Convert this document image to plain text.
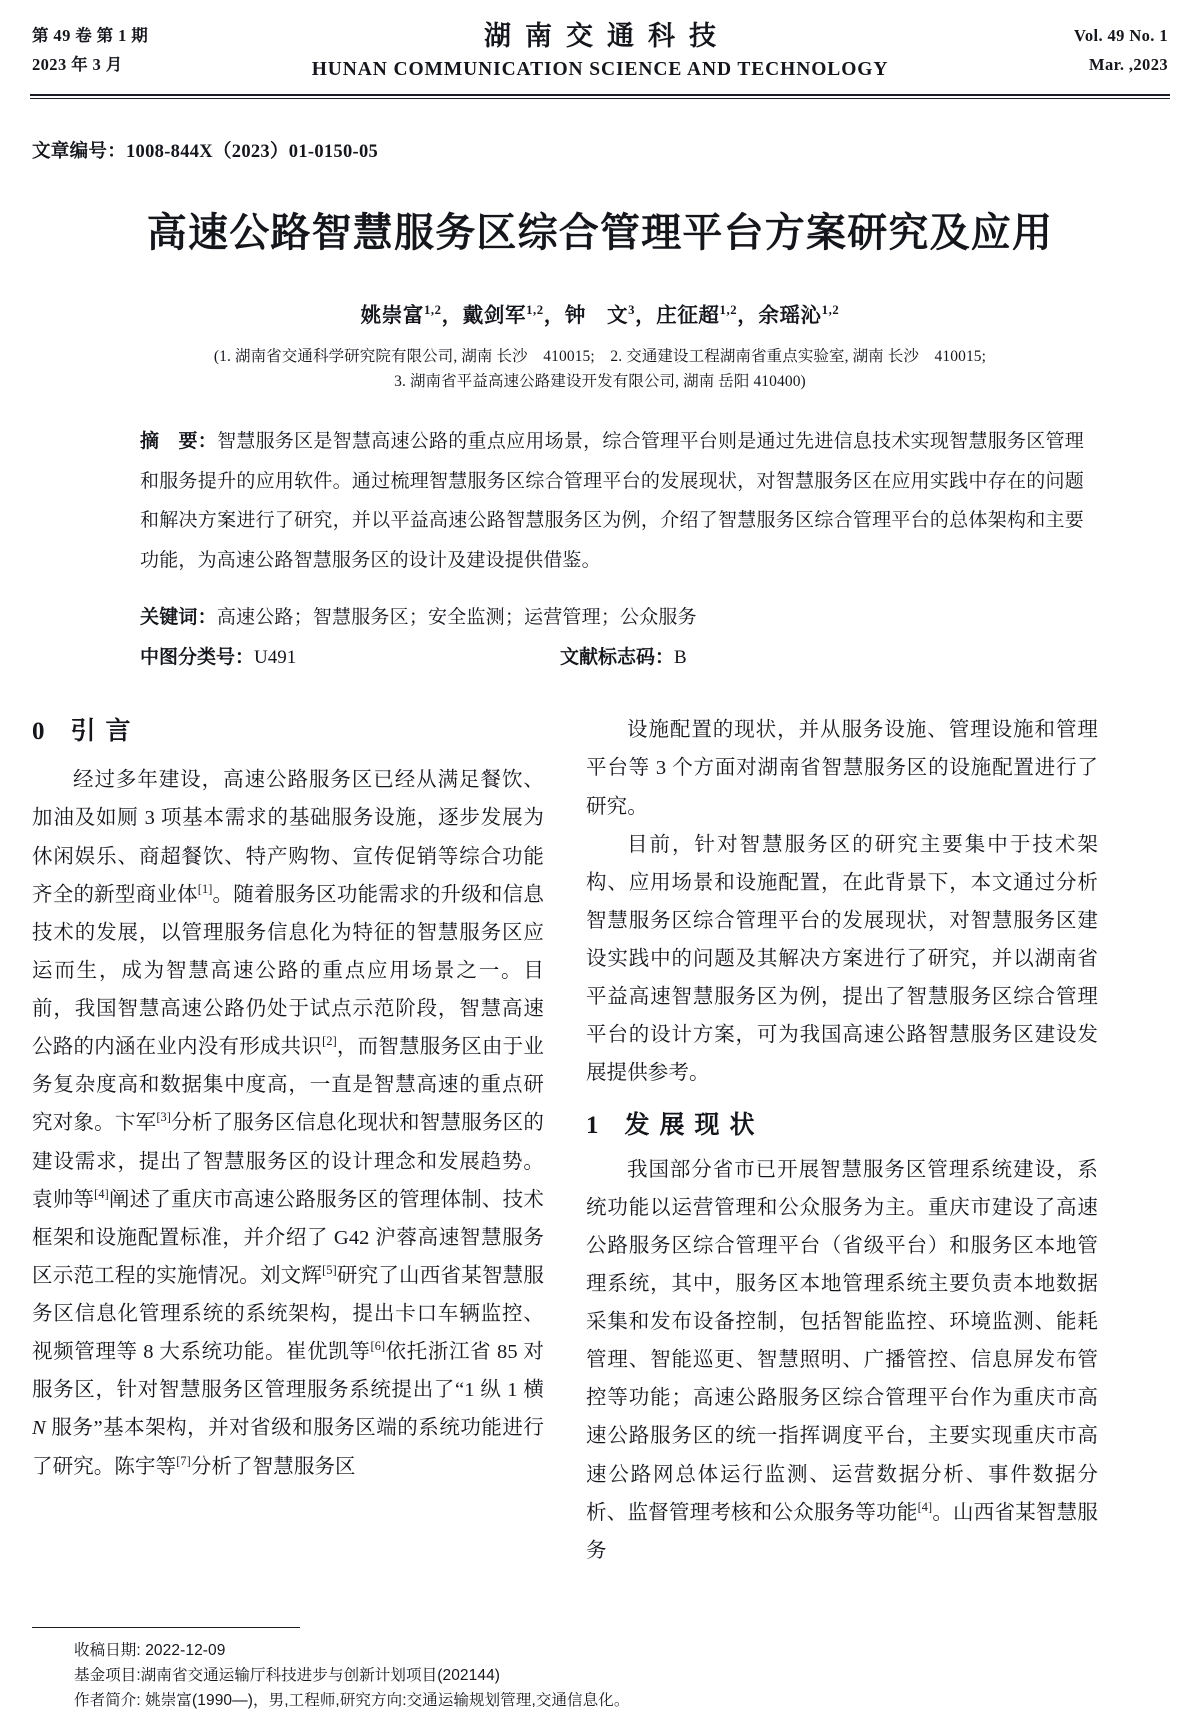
第 49 卷 第 1 期
2023 年 3 月
湖南交通科技
HUNAN COMMUNICATION SCIENCE AND TECHNOLOGY
Vol. 49 No. 1
Mar. ,2023
文章编号：1008-844X（2023）01-0150-05
高速公路智慧服务区综合管理平台方案研究及应用
姚崇富$^{1,2}$，戴剑军$^{1,2}$，钟　文$^3$，庄征超$^{1,2}$，余瑶沁$^{1,2}$
(1. 湖南省交通科学研究院有限公司, 湖南 长沙　410015;　2. 交通建设工程湖南省重点实验室, 湖南 长沙　410015;
3. 湖南省平益高速公路建设开发有限公司, 湖南 岳阳 410400)

摘　要：智慧服务区是智慧高速公路的重点应用场景，综合管理平台则是通过先进信息技术实现智慧服务区管理和服务提升的应用软件。通过梳理智慧服务区综合管理平台的发展现状，对智慧服务区在应用实践中存在的问题和解决方案进行了研究，并以平益高速公路智慧服务区为例，介绍了智慧服务区综合管理平台的总体架构和主要功能，为高速公路智慧服务区的设计及建设提供借鉴。

关键词：高速公路；智慧服务区；安全监测；运营管理；公众服务
中图分类号：U491	文献标志码：B
0 引言

经过多年建设，高速公路服务区已经从满足餐饮、加油及如厕 3 项基本需求的基础服务设施，逐步发展为休闲娱乐、商超餐饮、特产购物、宣传促销等综合功能齐全的新型商业体[1]。随着服务区功能需求的升级和信息技术的发展，以管理服务信息化为特征的智慧服务区应运而生，成为智慧高速公路的重点应用场景之一。目前，我国智慧高速公路仍处于试点示范阶段，智慧高速公路的内涵在业内没有形成共识[2]，而智慧服务区由于业务复杂度高和数据集中度高，一直是智慧高速的重点研究对象。卞军[3]分析了服务区信息化现状和智慧服务区的建设需求，提出了智慧服务区的设计理念和发展趋势。袁帅等[4]阐述了重庆市高速公路服务区的管理体制、技术框架和设施配置标准，并介绍了 G42 沪蓉高速智慧服务区示范工程的实施情况。刘文辉[5]研究了山西省某智慧服务区信息化管理系统的系统架构，提出卡口车辆监控、视频管理等 8 大系统功能。崔优凯等[6]依托浙江省 85 对服务区，针对智慧服务区管理服务系统提出了“1 纵 1 横 N 服务”基本架构，并对省级和服务区端的系统功能进行了研究。陈宇等[7]分析了智慧服务区

设施配置的现状，并从服务设施、管理设施和管理平台等 3 个方面对湖南省智慧服务区的设施配置进行了研究。

目前，针对智慧服务区的研究主要集中于技术架构、应用场景和设施配置，在此背景下，本文通过分析智慧服务区综合管理平台的发展现状，对智慧服务区建设实践中的问题及其解决方案进行了研究，并以湖南省平益高速智慧服务区为例，提出了智慧服务区综合管理平台的设计方案，可为我国高速公路智慧服务区建设发展提供参考。

1 发展现状

我国部分省市已开展智慧服务区管理系统建设，系统功能以运营管理和公众服务为主。重庆市建设了高速公路服务区综合管理平台（省级平台）和服务区本地管理系统，其中，服务区本地管理系统主要负责本地数据采集和发布设备控制，包括智能监控、环境监测、能耗管理、智能巡更、智慧照明、广播管控、信息屏发布管控等功能；高速公路服务区综合管理平台作为重庆市高速公路服务区的统一指挥调度平台，主要实现重庆市高速公路网总体运行监测、运营数据分析、事件数据分析、监督管理考核和公众服务等功能[4]。山西省某智慧服务

收稿日期: 2022-12-09
基金项目:湖南省交通运输厅科技进步与创新计划项目(202144)
作者简介: 姚崇富(1990—)，男,工程师,研究方向:交通运输规划管理,交通信息化。
